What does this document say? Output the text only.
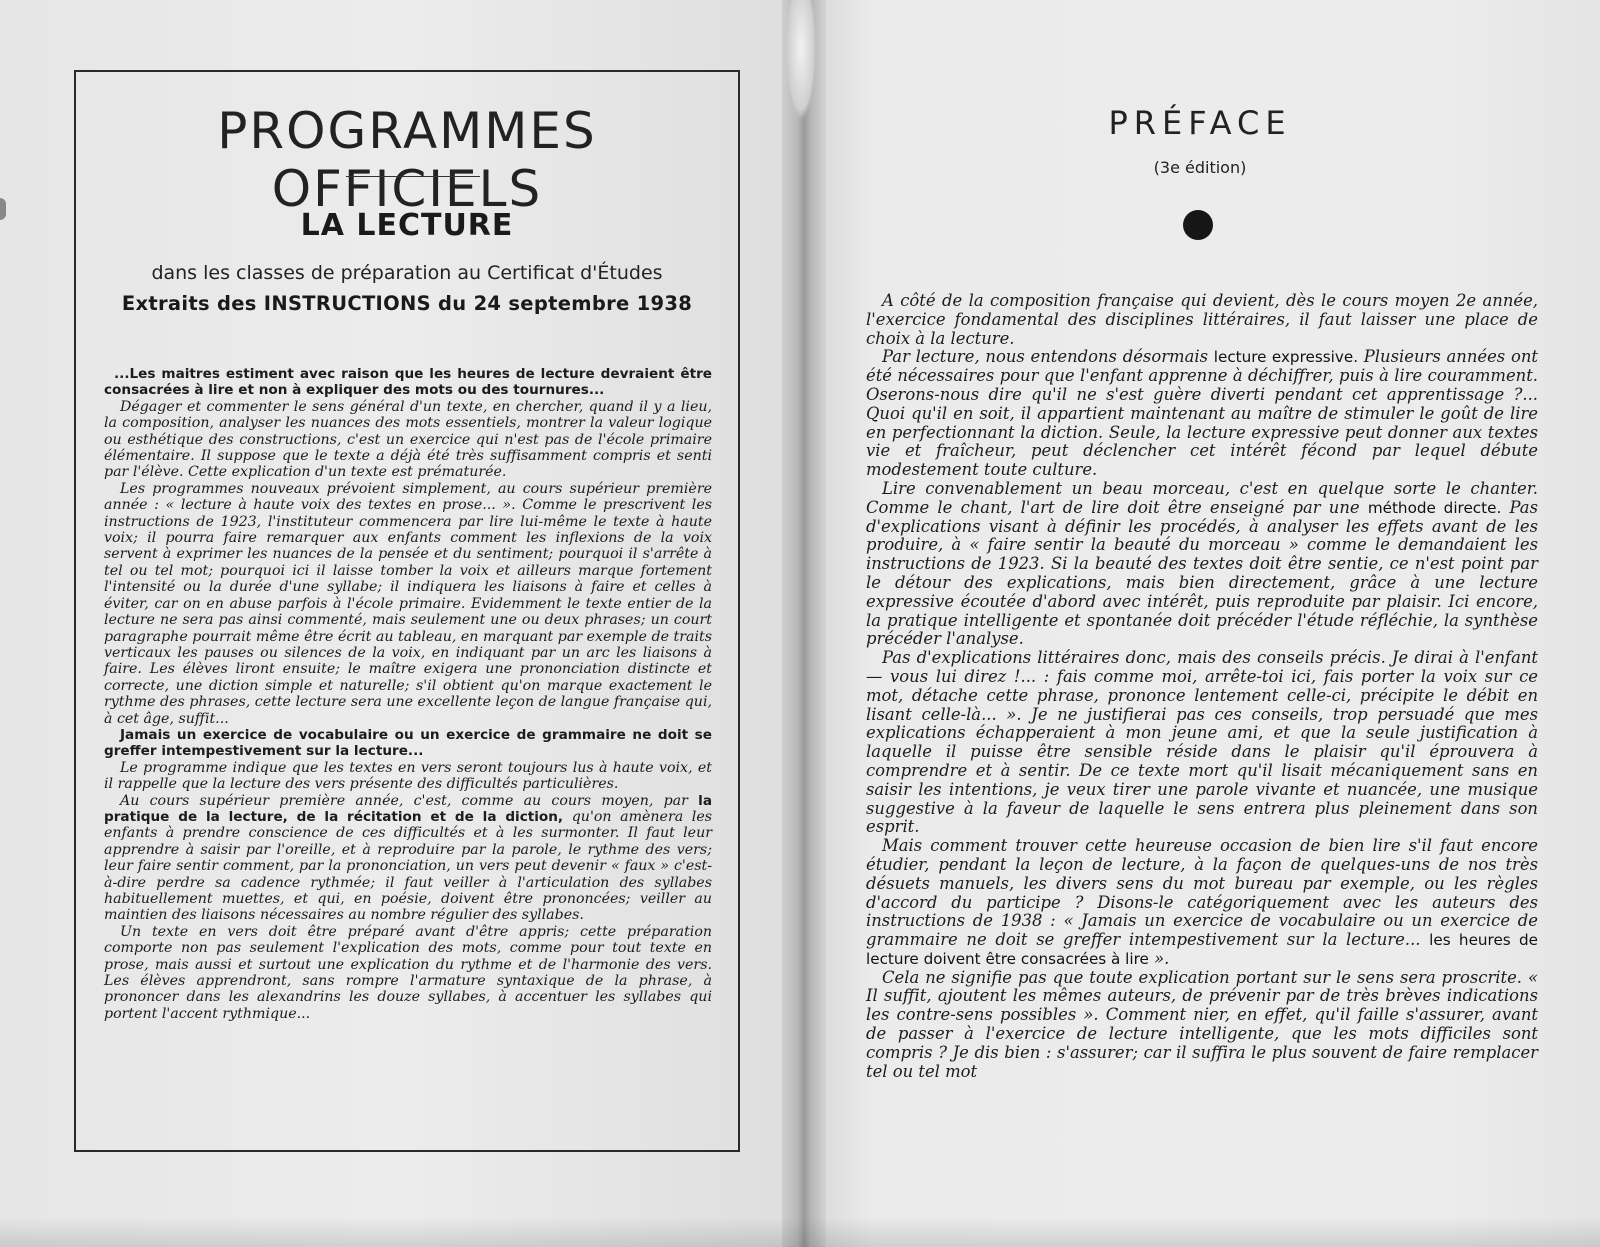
PROGRAMMES OFFICIELS
LA LECTURE
dans les classes de préparation au Certificat d'Études
Extraits des INSTRUCTIONS du 24 septembre 1938

...Les maitres estiment avec raison que les heures de lecture devraient être consacrées à lire et non à expliquer des mots ou des tournures...

Dégager et commenter le sens général d'un texte, en chercher, quand il y a lieu, la composition, analyser les nuances des mots essentiels, montrer la valeur logique ou esthétique des constructions, c'est un exercice qui n'est pas de l'école primaire élémentaire. Il suppose que le texte a déjà été très suffisamment compris et senti par l'élève. Cette explication d'un texte est prématurée.

Les programmes nouveaux prévoient simplement, au cours supérieur première année : « lecture à haute voix des textes en prose... ». Comme le prescrivent les instructions de 1923, l'instituteur commencera par lire lui-même le texte à haute voix; il pourra faire remarquer aux enfants comment les inflexions de la voix servent à exprimer les nuances de la pensée et du sentiment; pourquoi il s'arrête à tel ou tel mot; pourquoi ici il laisse tomber la voix et ailleurs marque fortement l'intensité ou la durée d'une syllabe; il indiquera les liaisons à faire et celles à éviter, car on en abuse parfois à l'école primaire. Evidemment le texte entier de la lecture ne sera pas ainsi commenté, mais seulement une ou deux phrases; un court paragraphe pourrait même être écrit au tableau, en marquant par exemple de traits verticaux les pauses ou silences de la voix, en indiquant par un arc les liaisons à faire. Les élèves liront ensuite; le maître exigera une prononciation distincte et correcte, une diction simple et naturelle; s'il obtient qu'on marque exactement le rythme des phrases, cette lecture sera une excellente leçon de langue française qui, à cet âge, suffit...

Jamais un exercice de vocabulaire ou un exercice de grammaire ne doit se greffer intempestivement sur la lecture...

Le programme indique que les textes en vers seront toujours lus à haute voix, et il rappelle que la lecture des vers présente des difficultés particulières.

Au cours supérieur première année, c'est, comme au cours moyen, par la pratique de la lecture, de la récitation et de la diction, qu'on amènera les enfants à prendre conscience de ces difficultés et à les surmonter. Il faut leur apprendre à saisir par l'oreille, et à reproduire par la parole, le rythme des vers; leur faire sentir comment, par la prononciation, un vers peut devenir « faux » c'est-à-dire perdre sa cadence rythmée; il faut veiller à l'articulation des syllabes habituellement muettes, et qui, en poésie, doivent être prononcées; veiller au maintien des liaisons nécessaires au nombre régulier des syllabes.

Un texte en vers doit être préparé avant d'être appris; cette préparation comporte non pas seulement l'explication des mots, comme pour tout texte en prose, mais aussi et surtout une explication du rythme et de l'harmonie des vers. Les élèves apprendront, sans rompre l'armature syntaxique de la phrase, à prononcer dans les alexandrins les douze syllabes, à accentuer les syllabes qui portent l'accent rythmique...

PRÉFACE
(3e édition)

A côté de la composition française qui devient, dès le cours moyen 2e année, l'exercice fondamental des disciplines littéraires, il faut laisser une place de choix à la lecture.

Par lecture, nous entendons désormais lecture expressive. Plusieurs années ont été nécessaires pour que l'enfant apprenne à déchiffrer, puis à lire couramment. Oserons-nous dire qu'il ne s'est guère diverti pendant cet apprentissage ?... Quoi qu'il en soit, il appartient maintenant au maître de stimuler le goût de lire en perfectionnant la diction. Seule, la lecture expressive peut donner aux textes vie et fraîcheur, peut déclencher cet intérêt fécond par lequel débute modestement toute culture.

Lire convenablement un beau morceau, c'est en quelque sorte le chanter. Comme le chant, l'art de lire doit être enseigné par une méthode directe. Pas d'explications visant à définir les procédés, à analyser les effets avant de les produire, à « faire sentir la beauté du morceau » comme le demandaient les instructions de 1923. Si la beauté des textes doit être sentie, ce n'est point par le détour des explications, mais bien directement, grâce à une lecture expressive écoutée d'abord avec intérêt, puis reproduite par plaisir. Ici encore, la pratique intelligente et spontanée doit précéder l'étude réfléchie, la synthèse précéder l'analyse.

Pas d'explications littéraires donc, mais des conseils précis. Je dirai à l'enfant — vous lui direz !... : fais comme moi, arrête-toi ici, fais porter la voix sur ce mot, détache cette phrase, prononce lentement celle-ci, précipite le débit en lisant celle-là... ». Je ne justifierai pas ces conseils, trop persuadé que mes explications échapperaient à mon jeune ami, et que la seule justification à laquelle il puisse être sensible réside dans le plaisir qu'il éprouvera à comprendre et à sentir. De ce texte mort qu'il lisait mécaniquement sans en saisir les intentions, je veux tirer une parole vivante et nuancée, une musique suggestive à la faveur de laquelle le sens entrera plus pleinement dans son esprit.

Mais comment trouver cette heureuse occasion de bien lire s'il faut encore étudier, pendant la leçon de lecture, à la façon de quelques-uns de nos très désuets manuels, les divers sens du mot bureau par exemple, ou les règles d'accord du participe ? Disons-le catégoriquement avec les auteurs des instructions de 1938 : « Jamais un exercice de vocabulaire ou un exercice de grammaire ne doit se greffer intempestivement sur la lecture... les heures de lecture doivent être consacrées à lire ».

Cela ne signifie pas que toute explication portant sur le sens sera proscrite. « Il suffit, ajoutent les mêmes auteurs, de prévenir par de très brèves indications les contre-sens possibles ». Comment nier, en effet, qu'il faille s'assurer, avant de passer à l'exercice de lecture intelligente, que les mots difficiles sont compris ? Je dis bien : s'assurer; car il suffira le plus souvent de faire remplacer tel ou tel mot
